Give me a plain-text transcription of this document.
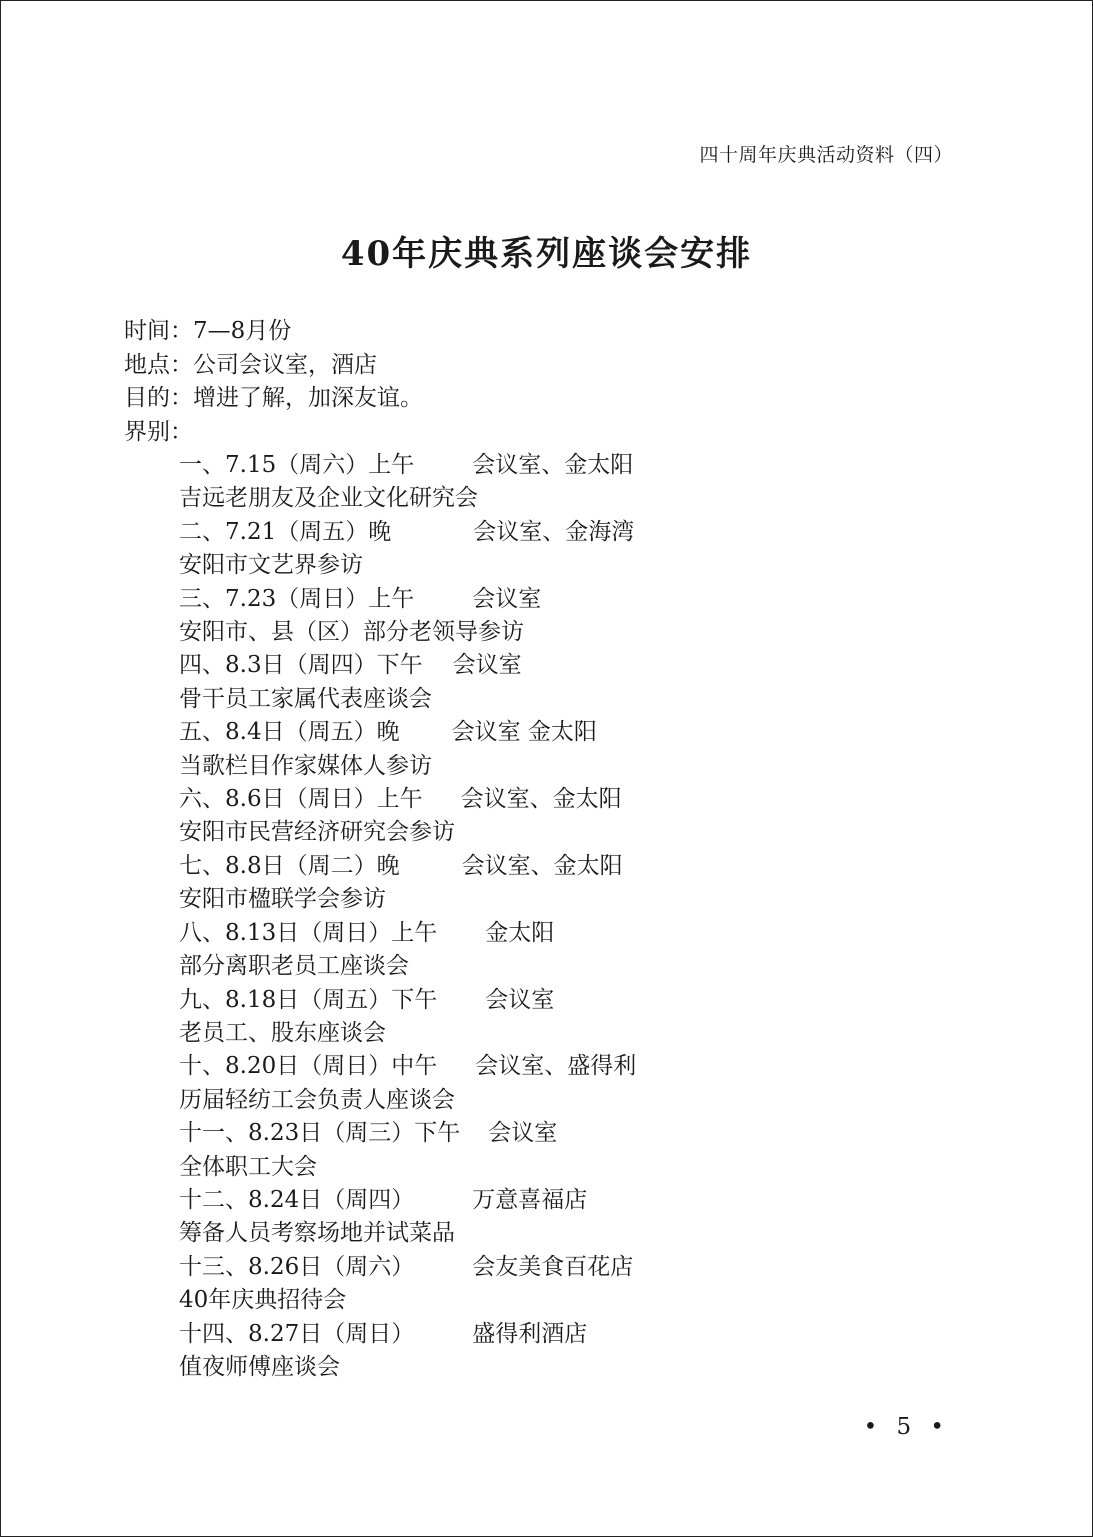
四十周年庆典活动资料（四）
40年庆典系列座谈会安排
时间：7—8月份
地点：公司会议室，酒店
目的：增进了解，加深友谊。
界别：
一、7.15（周六）上午	会议室、金太阳
吉远老朋友及企业文化研究会
二、7.21（周五）晚	会议室、金海湾
安阳市文艺界参访
三、7.23（周日）上午	会议室
安阳市、县（区）部分老领导参访
四、8.3日（周四）下午 会议室
骨干员工家属代表座谈会
五、8.4日（周五）晚 会议室 金太阳
当歌栏目作家媒体人参访
六、8.6日（周日）上午 会议室、金太阳
安阳市民营经济研究会参访
七、8.8日（周二）晚	会议室、金太阳
安阳市楹联学会参访
八、8.13日（周日）上午 金太阳
部分离职老员工座谈会
九、8.18日（周五）下午 会议室
老员工、股东座谈会
十、8.20日（周日）中午 会议室、盛得利
历届轻纺工会负责人座谈会
十一、8.23日（周三）下午 会议室
全体职工大会
十二、8.24日（周四）	万意喜福店
筹备人员考察场地并试菜品
十三、8.26日（周六）	会友美食百花店
40年庆典招待会
十四、8.27日（周日）	盛得利酒店
值夜师傅座谈会
• 5 •
